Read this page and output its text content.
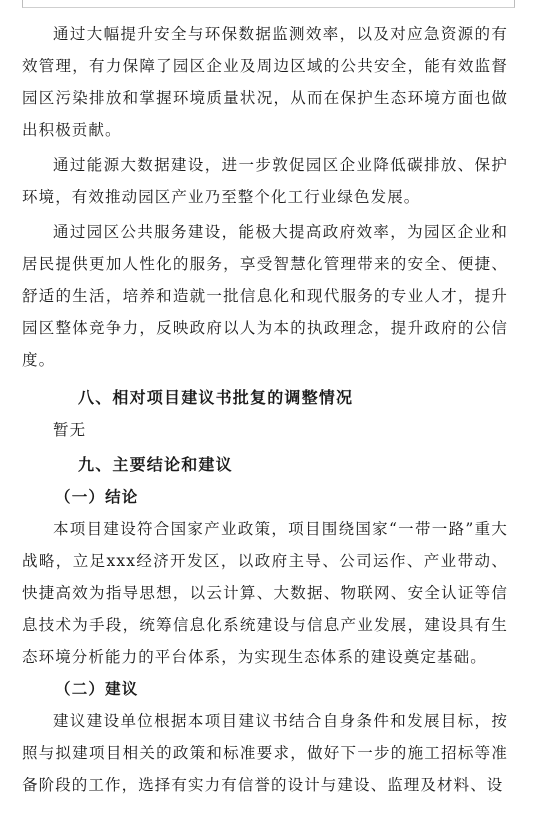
通过大幅提升安全与环保数据监测效率，以及对应急资源的有效管理，有力保障了园区企业及周边区域的公共安全，能有效监督园区污染排放和掌握环境质量状况，从而在保护生态环境方面也做出积极贡献。

通过能源大数据建设，进一步敦促园区企业降低碳排放、保护环境，有效推动园区产业乃至整个化工行业绿色发展。

通过园区公共服务建设，能极大提高政府效率，为园区企业和居民提供更加人性化的服务，享受智慧化管理带来的安全、便捷、舒适的生活，培养和造就一批信息化和现代服务的专业人才，提升园区整体竞争力，反映政府以人为本的执政理念，提升政府的公信度。

八、相对项目建议书批复的调整情况

暂无

九、主要结论和建议
（一）结论

本项目建设符合国家产业政策，项目围绕国家“一带一路”重大战略，立足xxx经济开发区，以政府主导、公司运作、产业带动、快捷高效为指导思想，以云计算、大数据、物联网、安全认证等信息技术为手段，统筹信息化系统建设与信息产业发展，建设具有生态环境分析能力的平台体系，为实现生态体系的建设奠定基础。

（二）建议

建议建设单位根据本项目建议书结合自身条件和发展目标，按照与拟建项目相关的政策和标准要求，做好下一步的施工招标等准备阶段的工作，选择有实力有信誉的设计与建设、监理及材料、设
